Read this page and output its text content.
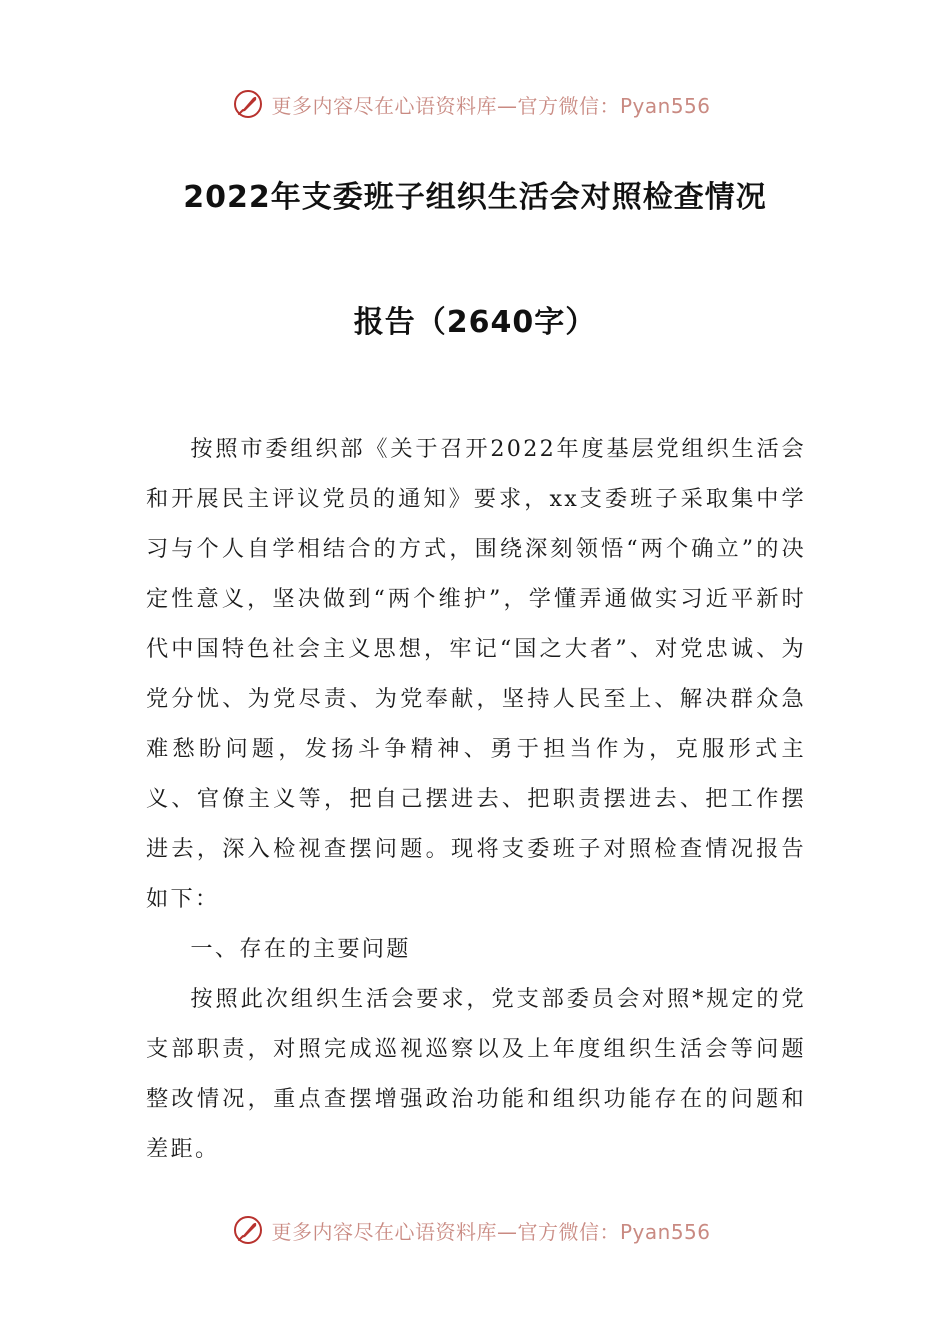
更多内容尽在心语资料库—官方微信：Pyan556
2022年支委班子组织生活会对照检查情况
报告（2640字）

按照市委组织部《关于召开2022年度基层党组织生活会和开展民主评议党员的通知》要求，xx支委班子采取集中学习与个人自学相结合的方式，围绕深刻领悟“两个确立”的决定性意义，坚决做到“两个维护”，学懂弄通做实习近平新时代中国特色社会主义思想，牢记“国之大者”、对党忠诚、为党分忧、为党尽责、为党奉献，坚持人民至上、解决群众急难愁盼问题，发扬斗争精神、勇于担当作为，克服形式主义、官僚主义等，把自己摆进去、把职责摆进去、把工作摆进去，深入检视查摆问题。现将支委班子对照检查情况报告如下：

一、存在的主要问题

按照此次组织生活会要求，党支部委员会对照*规定的党支部职责，对照完成巡视巡察以及上年度组织生活会等问题整改情况，重点查摆增强政治功能和组织功能存在的问题和差距。

更多内容尽在心语资料库—官方微信：Pyan556
